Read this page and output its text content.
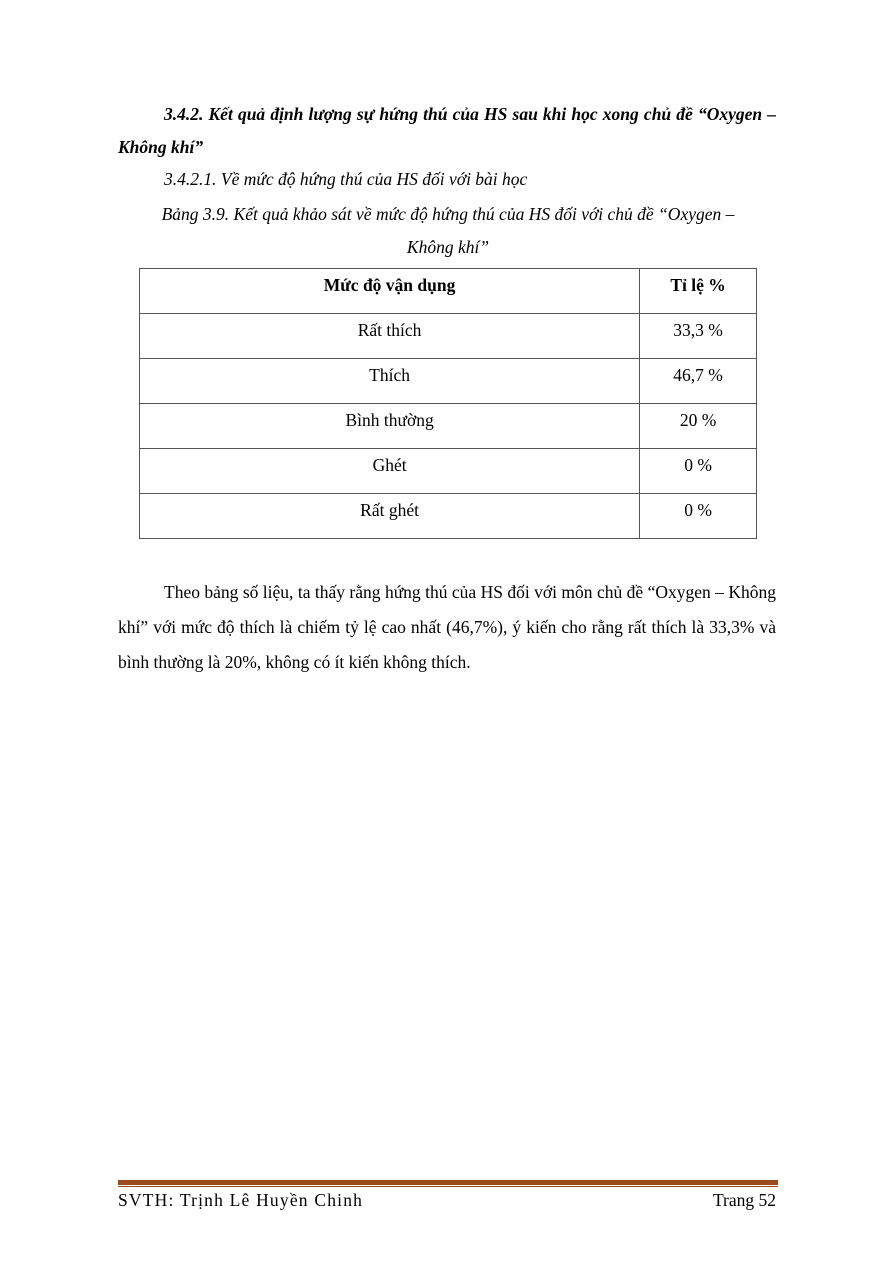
3.4.2. Kết quả định lượng sự hứng thú của HS sau khi học xong chủ đề “Oxygen – Không khí”
3.4.2.1. Về mức độ hứng thú của HS đối với bài học
Bảng 3.9. Kết quả khảo sát về mức độ hứng thú của HS đối với chủ đề “Oxygen –
Không khí”
Mức độ vận dụng	Tỉ lệ %
Rất thích	33,3 %
Thích	46,7 %
Bình thường	20 %
Ghét	0 %
Rất ghét	0 %
Theo bảng số liệu, ta thấy rằng hứng thú của HS đối với môn chủ đề “Oxygen – Không khí” với mức độ thích là chiếm tỷ lệ cao nhất (46,7%), ý kiến cho rằng rất thích là 33,3% và bình thường là 20%, không có ít kiến không thích.
SVTH: Trịnh Lê Huyền Chinh	Trang 52
